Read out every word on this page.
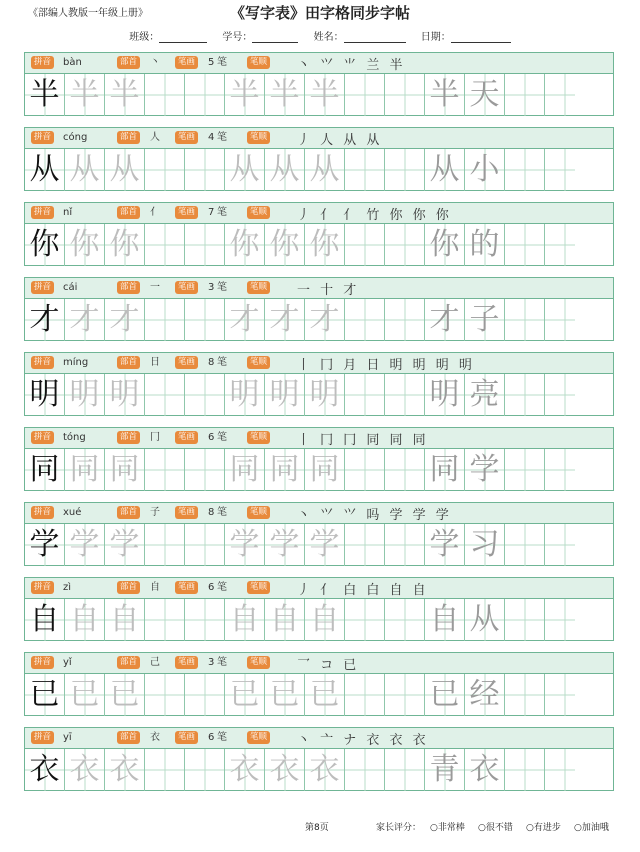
《部编人教版一年级上册》	《写字表》田字格同步字帖
班级：	学号：	姓名：	日期：
拼音	bàn	部首	丶	笔画	5 笔	笔顺 丶 ⺍ ⺌ 兰 半
半 半 半	半 半 半	半 天
拼音	cóng	部首	人	笔画	4 笔	笔顺 丿 人 从 从
从 从 从	从 从 从	从 小
拼音	nǐ	部首	亻	笔画	7 笔	笔顺 丿 亻 亻 竹 你 你 你
你 你 你	你 你 你	你 的
拼音	cái	部首	一	笔画	3 笔	笔顺 一 十 才
才 才 才	才 才 才	才 子
拼音	míng	部首	日	笔画	8 笔	笔顺 丨 冂 月 日 明 明 明 明
明 明 明	明 明 明	明 亮
拼音	tóng	部首	冂	笔画	6 笔	笔顺 丨 冂 冂 同 同 同
同 同 同	同 同 同	同 学
拼音	xué	部首	子	笔画	8 笔	笔顺 丶 ⺍ ⺍ 吗 学 学 学
学 学 学	学 学 学	学 习
拼音	zì	部首	自	笔画	6 笔	笔顺 丿 亻 白 白 自 自
自 自 自	自 自 自	自 从
拼音	yǐ	部首	己	笔画	3 笔	笔顺 乛 コ 已
已 已 已	已 已 已	已 经
拼音	yī	部首	衣	笔画	6 笔	笔顺 丶 亠 ナ 衣 衣 衣
衣 衣 衣	衣 衣 衣	青 衣
第8页	家长评分： ○非常棒 ○很不错 ○有进步 ○加油哦
